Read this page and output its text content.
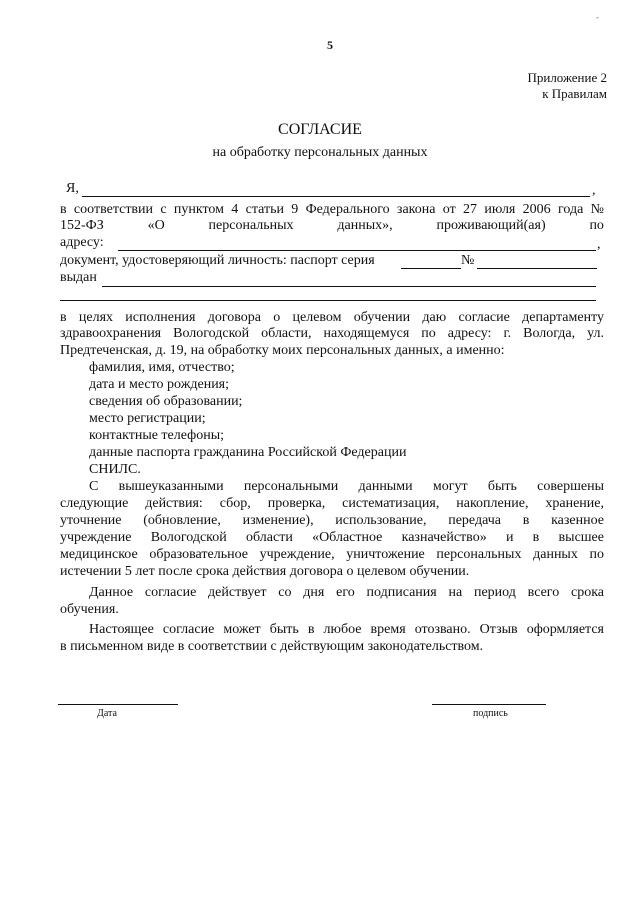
-
5
Приложение 2
к Правилам
СОГЛАСИЕ
на обработку персональных данных
Я,	,
в соответствии с пунктом 4 статьи 9 Федерального закона от 27 июля 2006 года №
152-ФЗ	«О	персональных	данных»,	проживающий(ая)	по
адресу:	,
документ, удостоверяющий личность: паспорт серия	№
выдан
в целях исполнения договора о целевом обучении даю согласие департаменту
здравоохранения Вологодской области, находящемуся по адресу: г. Вологда, ул.
Предтеченская, д. 19, на обработку моих персональных данных, а именно:
фамилия, имя, отчество;
дата и место рождения;
сведения об образовании;
место регистрации;
контактные телефоны;
данные паспорта гражданина Российской Федерации
СНИЛС.
С вышеуказанными персональными данными могут быть совершены
следующие действия: сбор, проверка, систематизация, накопление, хранение,
уточнение (обновление, изменение), использование, передача в казенное
учреждение Вологодской области «Областное казначейство» и в высшее
медицинское образовательное учреждение, уничтожение персональных данных по
истечении 5 лет после срока действия договора о целевом обучении.
Данное согласие действует со дня его подписания на период всего срока
обучения.
Настоящее согласие может быть в любое время отозвано. Отзыв оформляется
в письменном виде в соответствии с действующим законодательством.
Дата	подпись
